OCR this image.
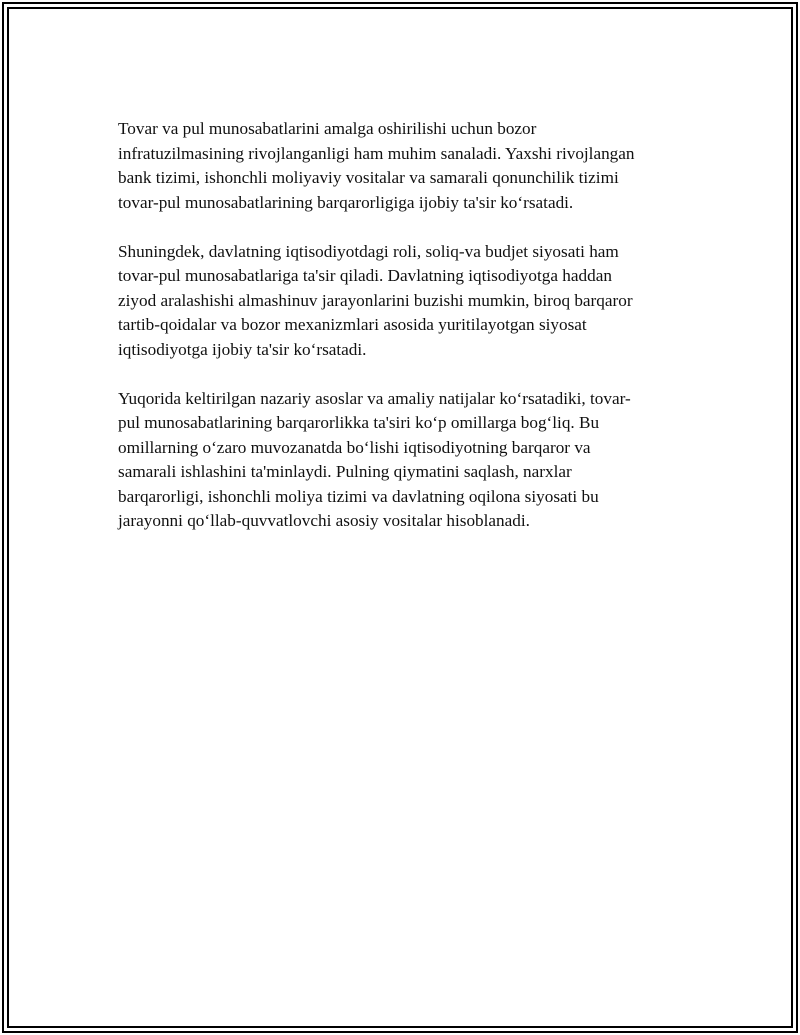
Tovar va pul munosabatlarini amalga oshirilishi uchun bozor
infratuzilmasining rivojlanganligi ham muhim sanaladi. Yaxshi rivojlangan
bank tizimi, ishonchli moliyaviy vositalar va samarali qonunchilik tizimi
tovar-pul munosabatlarining barqarorligiga ijobiy ta'sir ko‘rsatadi.

Shuningdek, davlatning iqtisodiyotdagi roli, soliq-va budjet siyosati ham
tovar-pul munosabatlariga ta'sir qiladi. Davlatning iqtisodiyotga haddan
ziyod aralashishi almashinuv jarayonlarini buzishi mumkin, biroq barqaror
tartib-qoidalar va bozor mexanizmlari asosida yuritilayotgan siyosat
iqtisodiyotga ijobiy ta'sir ko‘rsatadi.

Yuqorida keltirilgan nazariy asoslar va amaliy natijalar ko‘rsatadiki, tovar-
pul munosabatlarining barqarorlikka ta'siri ko‘p omillarga bog‘liq. Bu
omillarning o‘zaro muvozanatda bo‘lishi iqtisodiyotning barqaror va
samarali ishlashini ta'minlaydi. Pulning qiymatini saqlash, narxlar
barqarorligi, ishonchli moliya tizimi va davlatning oqilona siyosati bu
jarayonni qo‘llab-quvvatlovchi asosiy vositalar hisoblanadi.
